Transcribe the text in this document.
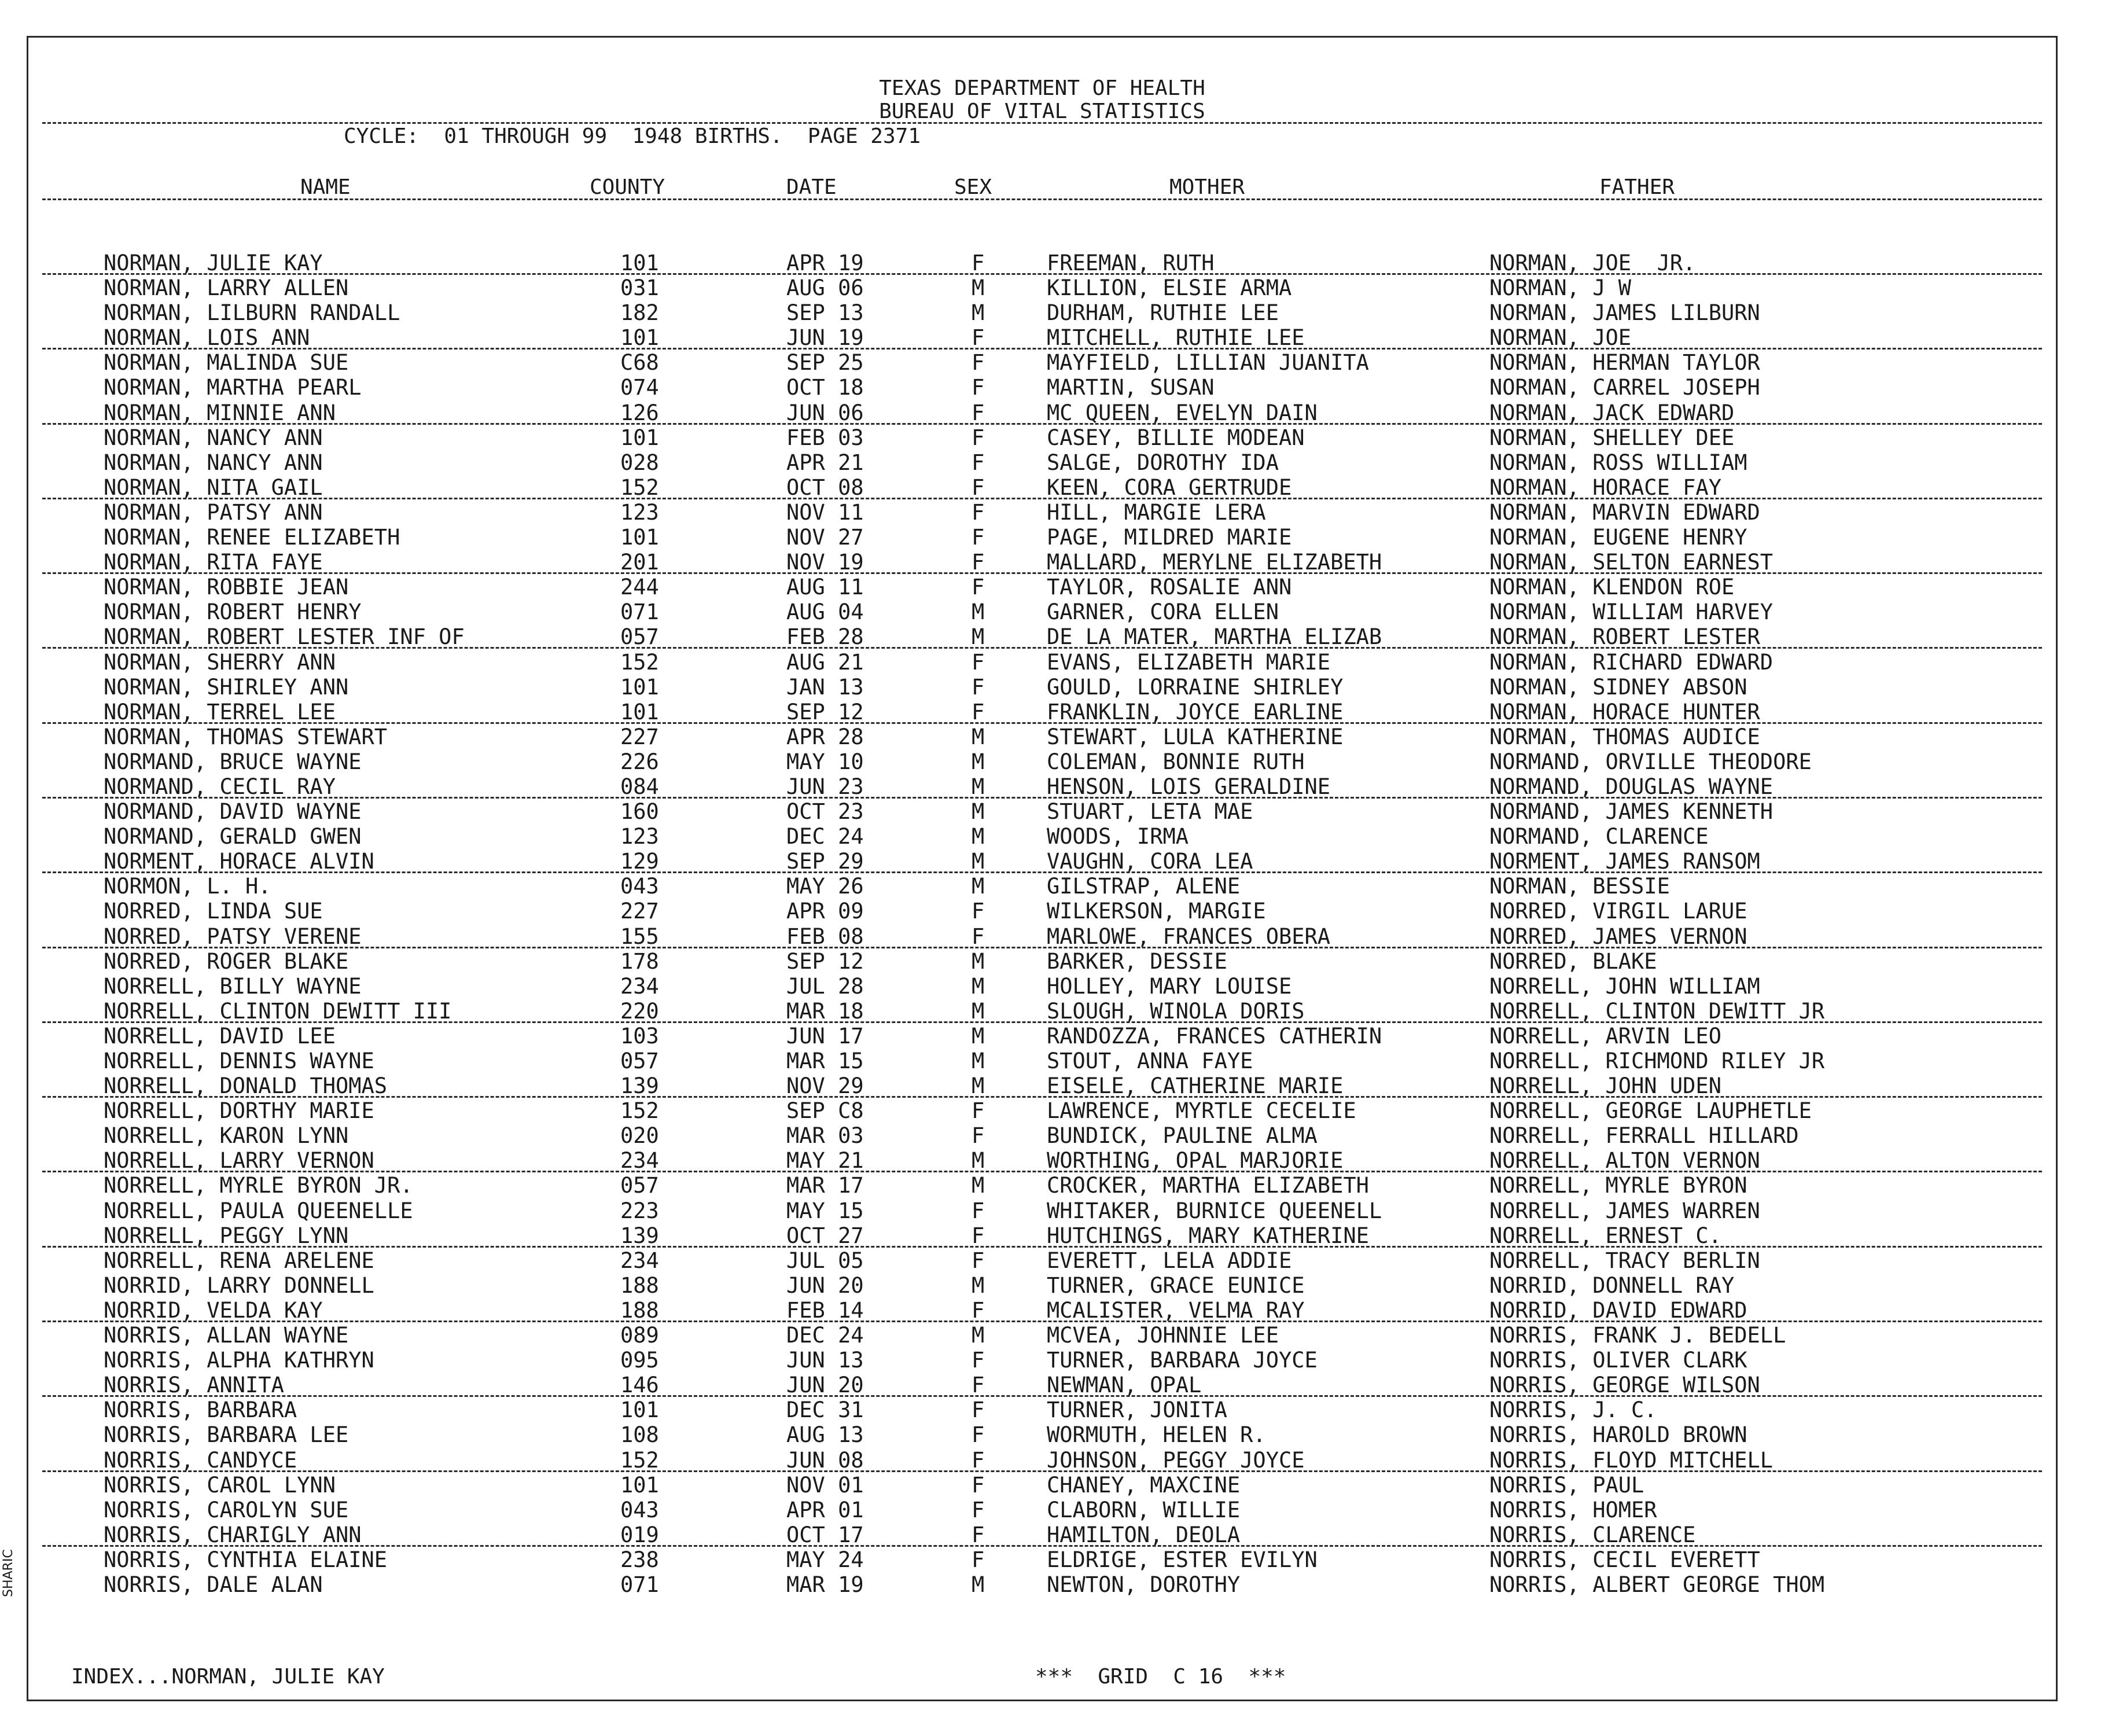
TEXAS DEPARTMENT OF HEALTH
BUREAU OF VITAL STATISTICS
CYCLE:  01 THROUGH 99  1948 BIRTHS.  PAGE 2371
NAME	COUNTY	DATE	SEX	MOTHER	FATHER
NORMAN, JULIE KAY	101	APR 19	F	FREEMAN, RUTH	NORMAN, JOE  JR.
NORMAN, LARRY ALLEN	031	AUG 06	M	KILLION, ELSIE ARMA	NORMAN, J W
NORMAN, LILBURN RANDALL	182	SEP 13	M	DURHAM, RUTHIE LEE	NORMAN, JAMES LILBURN
NORMAN, LOIS ANN	101	JUN 19	F	MITCHELL, RUTHIE LEE	NORMAN, JOE
NORMAN, MALINDA SUE	C68	SEP 25	F	MAYFIELD, LILLIAN JUANITA	NORMAN, HERMAN TAYLOR
NORMAN, MARTHA PEARL	074	OCT 18	F	MARTIN, SUSAN	NORMAN, CARREL JOSEPH
NORMAN, MINNIE ANN	126	JUN 06	F	MC QUEEN, EVELYN DAIN	NORMAN, JACK EDWARD
NORMAN, NANCY ANN	101	FEB 03	F	CASEY, BILLIE MODEAN	NORMAN, SHELLEY DEE
NORMAN, NANCY ANN	028	APR 21	F	SALGE, DOROTHY IDA	NORMAN, ROSS WILLIAM
NORMAN, NITA GAIL	152	OCT 08	F	KEEN, CORA GERTRUDE	NORMAN, HORACE FAY
NORMAN, PATSY ANN	123	NOV 11	F	HILL, MARGIE LERA	NORMAN, MARVIN EDWARD
NORMAN, RENEE ELIZABETH	101	NOV 27	F	PAGE, MILDRED MARIE	NORMAN, EUGENE HENRY
NORMAN, RITA FAYE	201	NOV 19	F	MALLARD, MERYLNE ELIZABETH	NORMAN, SELTON EARNEST
NORMAN, ROBBIE JEAN	244	AUG 11	F	TAYLOR, ROSALIE ANN	NORMAN, KLENDON ROE
NORMAN, ROBERT HENRY	071	AUG 04	M	GARNER, CORA ELLEN	NORMAN, WILLIAM HARVEY
NORMAN, ROBERT LESTER INF OF	057	FEB 28	M	DE LA MATER, MARTHA ELIZAB	NORMAN, ROBERT LESTER
NORMAN, SHERRY ANN	152	AUG 21	F	EVANS, ELIZABETH MARIE	NORMAN, RICHARD EDWARD
NORMAN, SHIRLEY ANN	101	JAN 13	F	GOULD, LORRAINE SHIRLEY	NORMAN, SIDNEY ABSON
NORMAN, TERREL LEE	101	SEP 12	F	FRANKLIN, JOYCE EARLINE	NORMAN, HORACE HUNTER
NORMAN, THOMAS STEWART	227	APR 28	M	STEWART, LULA KATHERINE	NORMAN, THOMAS AUDICE
NORMAND, BRUCE WAYNE	226	MAY 10	M	COLEMAN, BONNIE RUTH	NORMAND, ORVILLE THEODORE
NORMAND, CECIL RAY	084	JUN 23	M	HENSON, LOIS GERALDINE	NORMAND, DOUGLAS WAYNE
NORMAND, DAVID WAYNE	160	OCT 23	M	STUART, LETA MAE	NORMAND, JAMES KENNETH
NORMAND, GERALD GWEN	123	DEC 24	M	WOODS, IRMA	NORMAND, CLARENCE
NORMENT, HORACE ALVIN	129	SEP 29	M	VAUGHN, CORA LEA	NORMENT, JAMES RANSOM
NORMON, L. H.	043	MAY 26	M	GILSTRAP, ALENE	NORMAN, BESSIE
NORRED, LINDA SUE	227	APR 09	F	WILKERSON, MARGIE	NORRED, VIRGIL LARUE
NORRED, PATSY VERENE	155	FEB 08	F	MARLOWE, FRANCES OBERA	NORRED, JAMES VERNON
NORRED, ROGER BLAKE	178	SEP 12	M	BARKER, DESSIE	NORRED, BLAKE
NORRELL, BILLY WAYNE	234	JUL 28	M	HOLLEY, MARY LOUISE	NORRELL, JOHN WILLIAM
NORRELL, CLINTON DEWITT III	220	MAR 18	M	SLOUGH, WINOLA DORIS	NORRELL, CLINTON DEWITT JR
NORRELL, DAVID LEE	103	JUN 17	M	RANDOZZA, FRANCES CATHERIN	NORRELL, ARVIN LEO
NORRELL, DENNIS WAYNE	057	MAR 15	M	STOUT, ANNA FAYE	NORRELL, RICHMOND RILEY JR
NORRELL, DONALD THOMAS	139	NOV 29	M	EISELE, CATHERINE MARIE	NORRELL, JOHN UDEN
NORRELL, DORTHY MARIE	152	SEP C8	F	LAWRENCE, MYRTLE CECELIE	NORRELL, GEORGE LAUPHETLE
NORRELL, KARON LYNN	020	MAR 03	F	BUNDICK, PAULINE ALMA	NORRELL, FERRALL HILLARD
NORRELL, LARRY VERNON	234	MAY 21	M	WORTHING, OPAL MARJORIE	NORRELL, ALTON VERNON
NORRELL, MYRLE BYRON JR.	057	MAR 17	M	CROCKER, MARTHA ELIZABETH	NORRELL, MYRLE BYRON
NORRELL, PAULA QUEENELLE	223	MAY 15	F	WHITAKER, BURNICE QUEENELL	NORRELL, JAMES WARREN
NORRELL, PEGGY LYNN	139	OCT 27	F	HUTCHINGS, MARY KATHERINE	NORRELL, ERNEST C.
NORRELL, RENA ARELENE	234	JUL 05	F	EVERETT, LELA ADDIE	NORRELL, TRACY BERLIN
NORRID, LARRY DONNELL	188	JUN 20	M	TURNER, GRACE EUNICE	NORRID, DONNELL RAY
NORRID, VELDA KAY	188	FEB 14	F	MCALISTER, VELMA RAY	NORRID, DAVID EDWARD
NORRIS, ALLAN WAYNE	089	DEC 24	M	MCVEA, JOHNNIE LEE	NORRIS, FRANK J. BEDELL
NORRIS, ALPHA KATHRYN	095	JUN 13	F	TURNER, BARBARA JOYCE	NORRIS, OLIVER CLARK
NORRIS, ANNITA	146	JUN 20	F	NEWMAN, OPAL	NORRIS, GEORGE WILSON
NORRIS, BARBARA	101	DEC 31	F	TURNER, JONITA	NORRIS, J. C.
NORRIS, BARBARA LEE	108	AUG 13	F	WORMUTH, HELEN R.	NORRIS, HAROLD BROWN
NORRIS, CANDYCE	152	JUN 08	F	JOHNSON, PEGGY JOYCE	NORRIS, FLOYD MITCHELL
NORRIS, CAROL LYNN	101	NOV 01	F	CHANEY, MAXCINE	NORRIS, PAUL
NORRIS, CAROLYN SUE	043	APR 01	F	CLABORN, WILLIE	NORRIS, HOMER
NORRIS, CHARIGLY ANN	019	OCT 17	F	HAMILTON, DEOLA	NORRIS, CLARENCE
NORRIS, CYNTHIA ELAINE	238	MAY 24	F	ELDRIGE, ESTER EVILYN	NORRIS, CECIL EVERETT
NORRIS, DALE ALAN	071	MAR 19	M	NEWTON, DOROTHY	NORRIS, ALBERT GEORGE THOM
INDEX...NORMAN, JULIE KAY	***  GRID  C 16  ***
SHARIC
